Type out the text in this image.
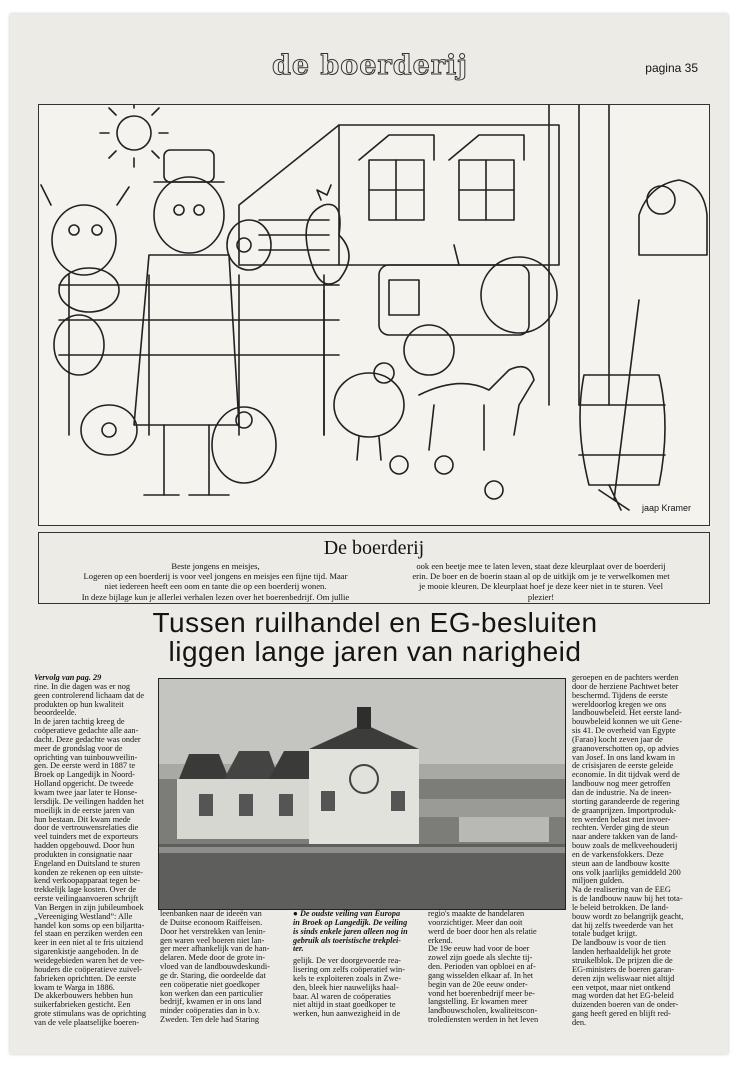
de boerderij	pagina 35
jaap Kramer
De boerderij
Beste jongens en meisjes,
Logeren op een boerderij is voor veel jongens en meisjes een fijne tijd. Maar
niet iedereen heeft een oom en tante die op een boerderij wonen.
In deze bijlage kun je allerlei verhalen lezen over het boerenbedrijf. Om jullie
ook een beetje mee te laten leven, staat deze kleurplaat over de boerderij
erin. De boer en de boerin staan al op de uitkijk om je te verwelkomen met
je mooie kleuren. De kleurplaat hoef je deze keer niet in te sturen. Veel
plezier!
Tussen ruilhandel en EG-besluiten
liggen lange jaren van narigheid
Vervolg van pag. 29
rine. In die dagen was er nog
geen controlerend lichaam dat de
produkten op hun kwaliteit
beoordeelde.
In de jaren tachtig kreeg de
coöperatieve gedachte alle aan-
dacht. Deze gedachte was onder
meer de grondslag voor de
oprichting van tuinbouwveilin-
gen. De eerste werd in 1887 te
Broek op Langedijk in Noord-
Holland opgericht. De tweede
kwam twee jaar later te Honse-
lersdijk. De veilingen hadden het
moeilijk in de eerste jaren van
hun bestaan. Dit kwam mede
door de vertrouwensrelaties die
veel tuinders met de exporteurs
hadden opgebouwd. Door hun
produkten in consignatie naar
Engeland en Duitsland te sturen
konden ze rekenen op een uitste-
kend verkoopapparaat tegen be-
trekkelijk lage kosten. Over de
eerste veilingaanvoeren schrijft
Van Bergen in zijn jubileumboek
„Vereeniging Westland”: Alle
handel kon soms op een biljartta-
fel staan en perziken werden een
keer in een niet al te fris uitziend
sigarenkistje aangeboden. In de
weidegebieden waren het de vee-
houders die coöperatieve zuivel-
fabrieken oprichtten. De eerste
kwam te Warga in 1886.
De akkerbouwers hebben hun
suikerfabrieken gesticht. Een
grote stimulans was de oprichting
van de vele plaatselijke boeren-
leenbanken naar de ideeën van
de Duitse econoom Raiffeisen.
Door het verstrekken van lenin-
gen waren veel boeren niet lan-
ger meer afhankelijk van de han-
delaren. Mede door de grote in-
vloed van de landbouwdeskundi-
ge dr. Staring, die oordeelde dat
een coöperatie niet goedkoper
kon werken dan een particulier
bedrijf, kwamen er in ons land
minder coöperaties dan in b.v.
Zweden. Ten dele had Staring
● De oudste veiling van Europa
in Broek op Langedijk. De veiling
is sinds enkele jaren alleen nog in
gebruik als toeristische trekplei-
ter.
gelijk. De ver doorgevoerde rea-
lisering om zelfs coöperatief win-
kels te exploiteren zoals in Zwe-
den, bleek hier nauwelijks haal-
baar. Al waren de coöperaties
niet altijd in staat goedkoper te
werken, hun aanwezigheid in de
regio's maakte de handelaren
voorzichtiger. Meer dan ooit
werd de boer door hen als relatie
erkend.
De 19e eeuw had voor de boer
zowel zijn goede als slechte tij-
den. Perioden van opbloei en af-
gang wisselden elkaar af. In het
begin van de 20e eeuw onder-
vond het boerenbedrijf meer be-
langstelling. Er kwamen meer
landbouwscholen, kwaliteitscon-
troledíensten werden in het leven
geroepen en de pachters werden
door de herziene Pachtwet beter
beschermd. Tijdens de eerste
wereldoorlog kregen we ons
landbouwbeleid. Het eerste land-
bouwbeleid konnen we uit Gene-
sis 41. De overheid van Egypte
(Farao) kocht zeven jaar de
graanoverschotten op, op advies
van Josef. In ons land kwam in
de crisisjaren de eerste geleide
economie. In dit tijdvak werd de
landbouw nog meer getroffen
dan de industrie. Na de ineen-
storting garandeerde de regering
de graanprijzen. Importproduk-
ten werden belast met invoer-
rechten. Verder ging de steun
naar andere takken van de land-
bouw zoals de melkveehouderij
en de varkensfokkers. Deze
steun aan de landbouw kostte
ons volk jaarlijks gemiddeld 200
miljoen gulden.
Na de realisering van de EEG
is de landbouw nauw bij het tota-
le beleid betrokken. De land-
bouw wordt zo belangrijk geacht,
dat hij zelfs tweederde van het
totale budget krijgt.
De landbouw is voor de tien
landen herhaaldelijk het grote
struikelblok. De prijzen die de
EG-ministers de boeren garan-
deren zijn weliswaar niet altijd
een vetpot, maar niet ontkend
mag worden dat het EG-beleid
duizenden boeren van de onder-
gang heeft gered en blijft red-
den.
